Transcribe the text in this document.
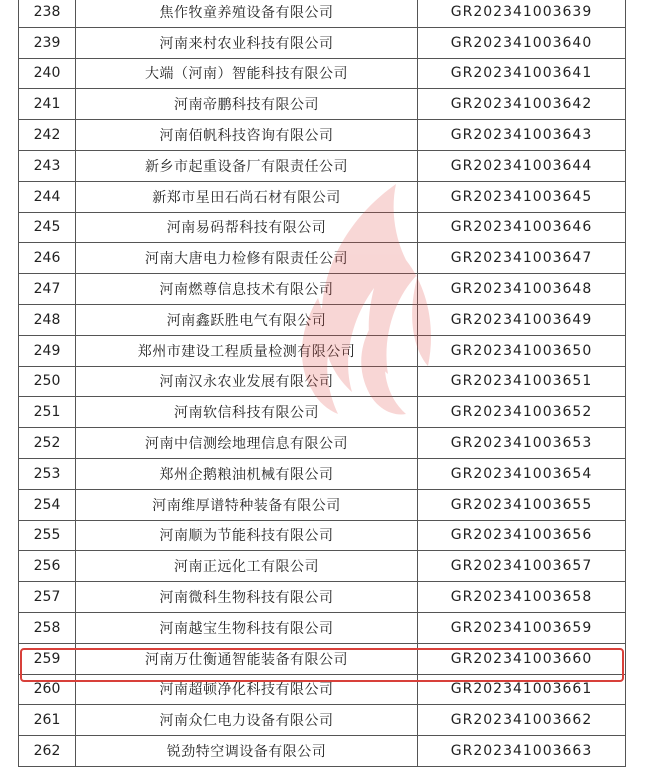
238	焦作牧童养殖设备有限公司	GR202341003639
239	河南来村农业科技有限公司	GR202341003640
240	大端（河南）智能科技有限公司	GR202341003641
241	河南帝鹏科技有限公司	GR202341003642
242	河南佰帆科技咨询有限公司	GR202341003643
243	新乡市起重设备厂有限责任公司	GR202341003644
244	新郑市星田石尚石材有限公司	GR202341003645
245	河南易码帮科技有限公司	GR202341003646
246	河南大唐电力检修有限责任公司	GR202341003647
247	河南燃尊信息技术有限公司	GR202341003648
248	河南鑫跃胜电气有限公司	GR202341003649
249	郑州市建设工程质量检测有限公司	GR202341003650
250	河南汉永农业发展有限公司	GR202341003651
251	河南软信科技有限公司	GR202341003652
252	河南中信测绘地理信息有限公司	GR202341003653
253	郑州企鹅粮油机械有限公司	GR202341003654
254	河南维厚谱特种装备有限公司	GR202341003655
255	河南顺为节能科技有限公司	GR202341003656
256	河南正远化工有限公司	GR202341003657
257	河南微科生物科技有限公司	GR202341003658
258	河南越宝生物科技有限公司	GR202341003659
259	河南万仕衡通智能装备有限公司	GR202341003660
260	河南超顿净化科技有限公司	GR202341003661
261	河南众仁电力设备有限公司	GR202341003662
262	锐劲特空调设备有限公司	GR202341003663
